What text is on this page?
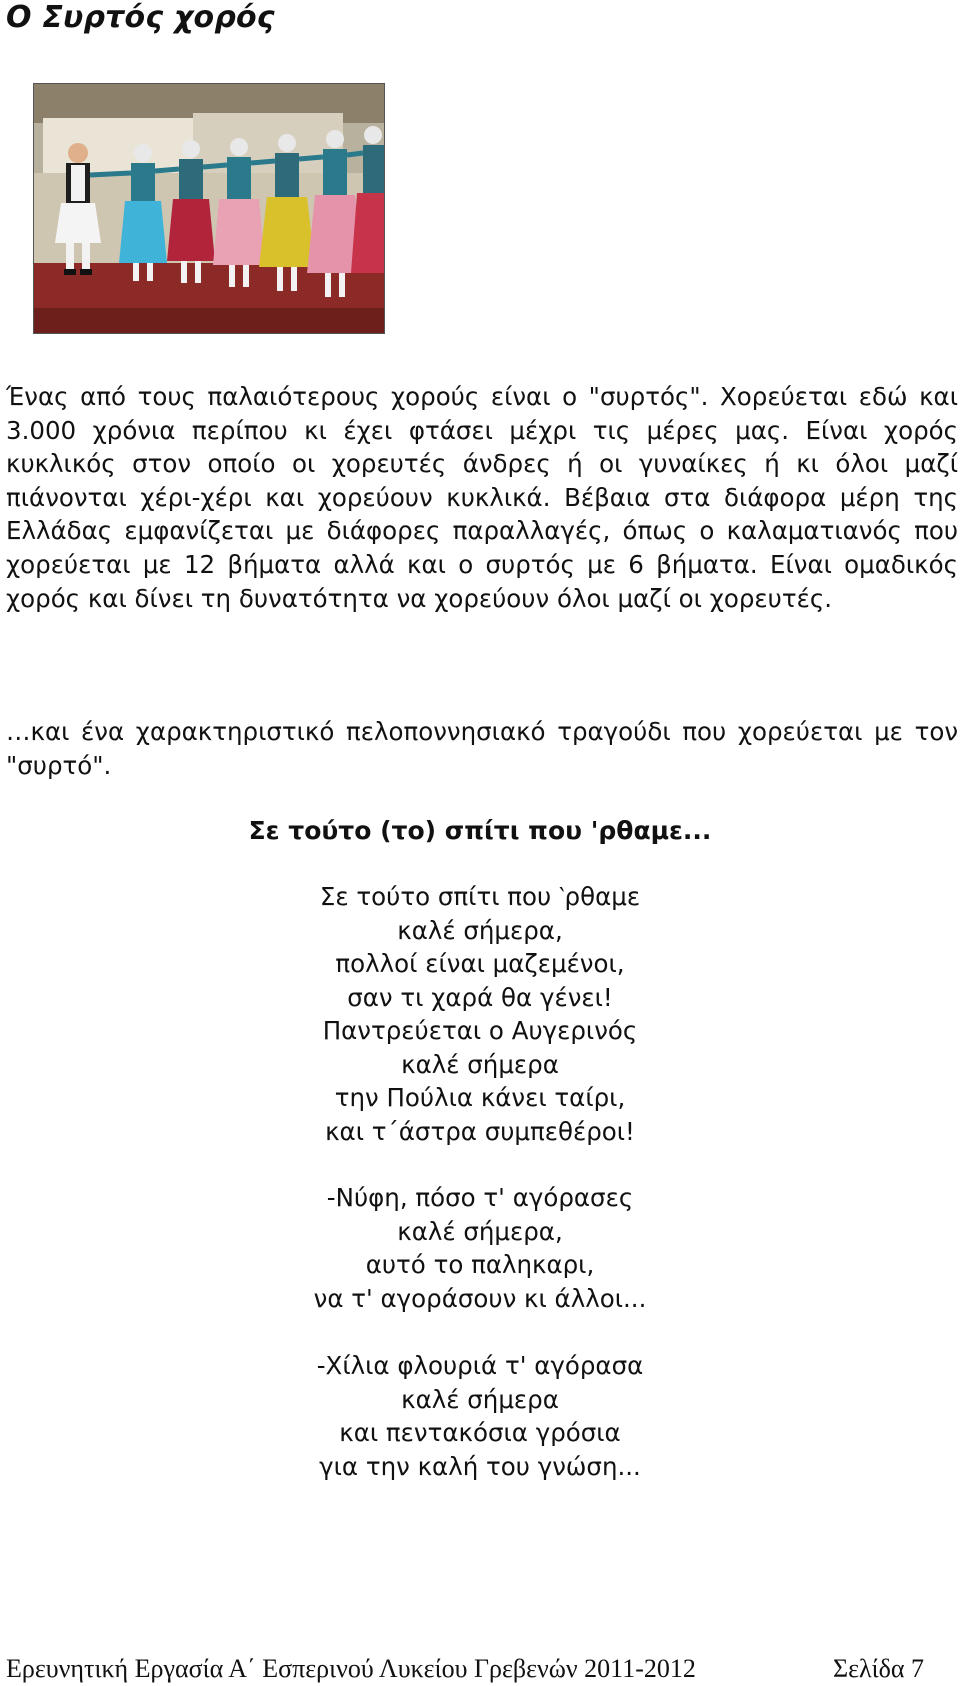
Ο Συρτός χορός

Ένας από τους παλαιότερους χορούς είναι ο "συρτός". Χορεύεται εδώ και 3.000 χρόνια περίπου κι έχει φτάσει μέχρι τις μέρες μας. Είναι χορός κυκλικός στον οποίο οι χορευτές άνδρες ή οι γυναίκες ή κι όλοι μαζί πιάνονται χέρι-χέρι και χορεύουν κυκλικά. Βέβαια στα διάφορα μέρη της Ελλάδας εμφανίζεται με διάφορες παραλλαγές, όπως ο καλαματιανός που χορεύεται με 12 βήματα αλλά και ο συρτός με 6 βήματα. Είναι ομαδικός χορός και δίνει τη δυνατότητα να χορεύουν όλοι μαζί οι χορευτές.

…και ένα χαρακτηριστικό πελοποννησιακό τραγούδι που χορεύεται με τον "συρτό".

Σε τούτο (το) σπίτι που 'ρθαμε...

Σε τούτο σπίτι που ‵ρθαμε
καλέ σήμερα,
πολλοί είναι μαζεμένοι,
σαν τι χαρά θα γένει!
Παντρεύεται ο Αυγερινός
καλέ σήμερα
την Πούλια κάνει ταίρι,
και τ΄άστρα συμπεθέροι!

-Νύφη, πόσο τ' αγόρασες
καλέ σήμερα,
αυτό το παληκαρι,
να τ' αγοράσουν κι άλλοι...

-Χίλια φλουριά τ' αγόρασα
καλέ σήμερα
και πεντακόσια γρόσια
για την καλή του γνώση...

Ερευνητική Εργασία Α΄ Εσπερινού Λυκείου Γρεβενών 2011-2012	Σελίδα 7
